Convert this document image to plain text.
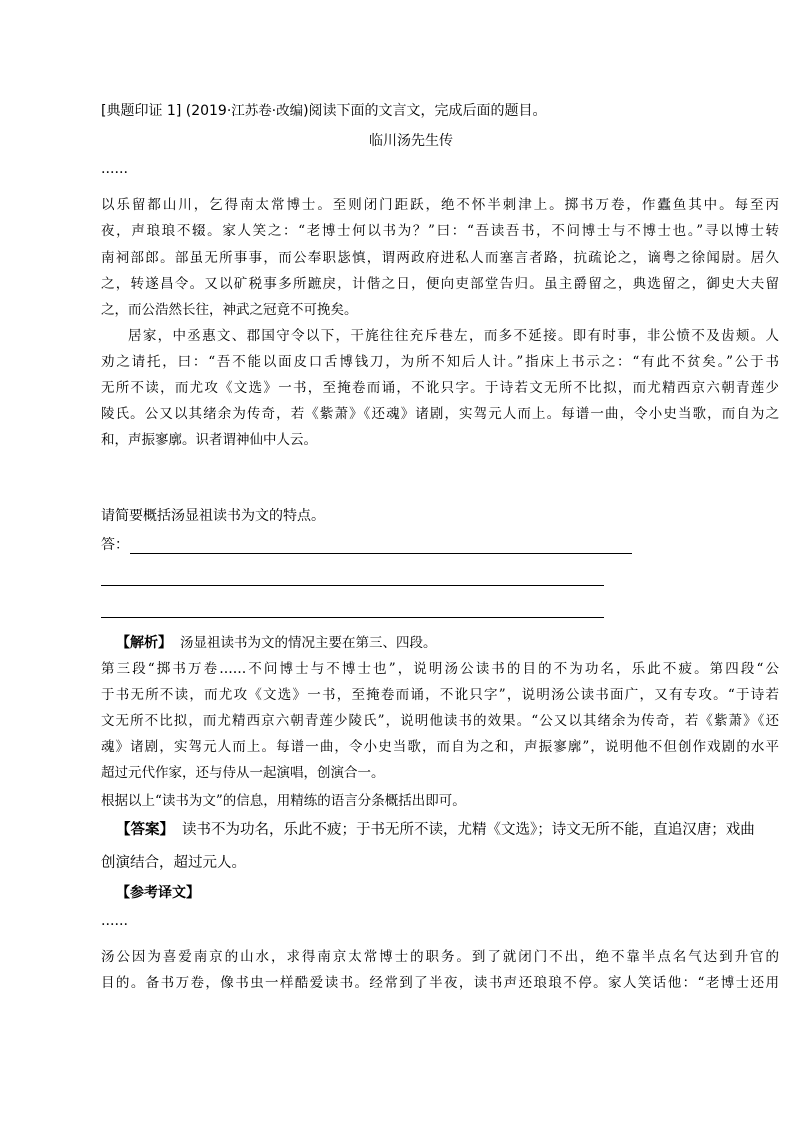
[典题印证 1] (2019·江苏卷·改编)阅读下面的文言文，完成后面的题目。
临川汤先生传
……
以乐留都山川，乞得南太常博士。至则闭门距跃，绝不怀半刺津上。掷书万卷，作蠹鱼其中。每至丙
夜，声琅琅不辍。家人笑之：“老博士何以书为？”曰：“吾读吾书，不问博士与不博士也。”寻以博士转
南祠部郎。部虽无所事事，而公奉职毖慎，谓两政府进私人而塞言者路，抗疏论之，谪粤之徐闻尉。居久
之，转遂昌令。又以矿税事多所蹠戾，计偕之日，便向吏部堂告归。虽主爵留之，典选留之，御史大夫留
之，而公浩然长往，神武之冠竟不可挽矣。
居家，中丞惠文、郡国守令以下，干旄往往充斥巷左，而多不延接。即有时事，非公愤不及齿颊。人
劝之请托，曰：“吾不能以面皮口舌博钱刀，为所不知后人计。”指床上书示之：“有此不贫矣。”公于书
无所不读，而尤攻《文选》一书，至掩卷而诵，不讹只字。于诗若文无所不比拟，而尤精西京六朝青莲少
陵氏。公又以其绪余为传奇，若《紫萧》《还魂》诸剧，实驾元人而上。每谱一曲，令小史当歌，而自为之
和，声振寥廓。识者谓神仙中人云。
请简要概括汤显祖读书为文的特点。
答：
【解析】 汤显祖读书为文的情况主要在第三、四段。
第三段“掷书万卷……不问博士与不博士也”，说明汤公读书的目的不为功名，乐此不疲。第四段“公
于书无所不读，而尤攻《文选》一书，至掩卷而诵，不讹只字”，说明汤公读书面广，又有专攻。“于诗若
文无所不比拟，而尤精西京六朝青莲少陵氏”，说明他读书的效果。“公又以其绪余为传奇，若《紫萧》《还
魂》诸剧，实驾元人而上。每谱一曲，令小史当歌，而自为之和，声振寥廓”，说明他不但创作戏剧的水平
超过元代作家，还与侍从一起演唱，创演合一。
根据以上“读书为文”的信息，用精练的语言分条概括出即可。
【答案】 读书不为功名，乐此不疲；于书无所不读，尤精《文选》；诗文无所不能，直追汉唐；戏曲
创演结合，超过元人。
【参考译文】
……
汤公因为喜爱南京的山水，求得南京太常博士的职务。到了就闭门不出，绝不靠半点名气达到升官的
目的。备书万卷，像书虫一样酷爱读书。经常到了半夜，读书声还琅琅不停。家人笑话他：“老博士还用
